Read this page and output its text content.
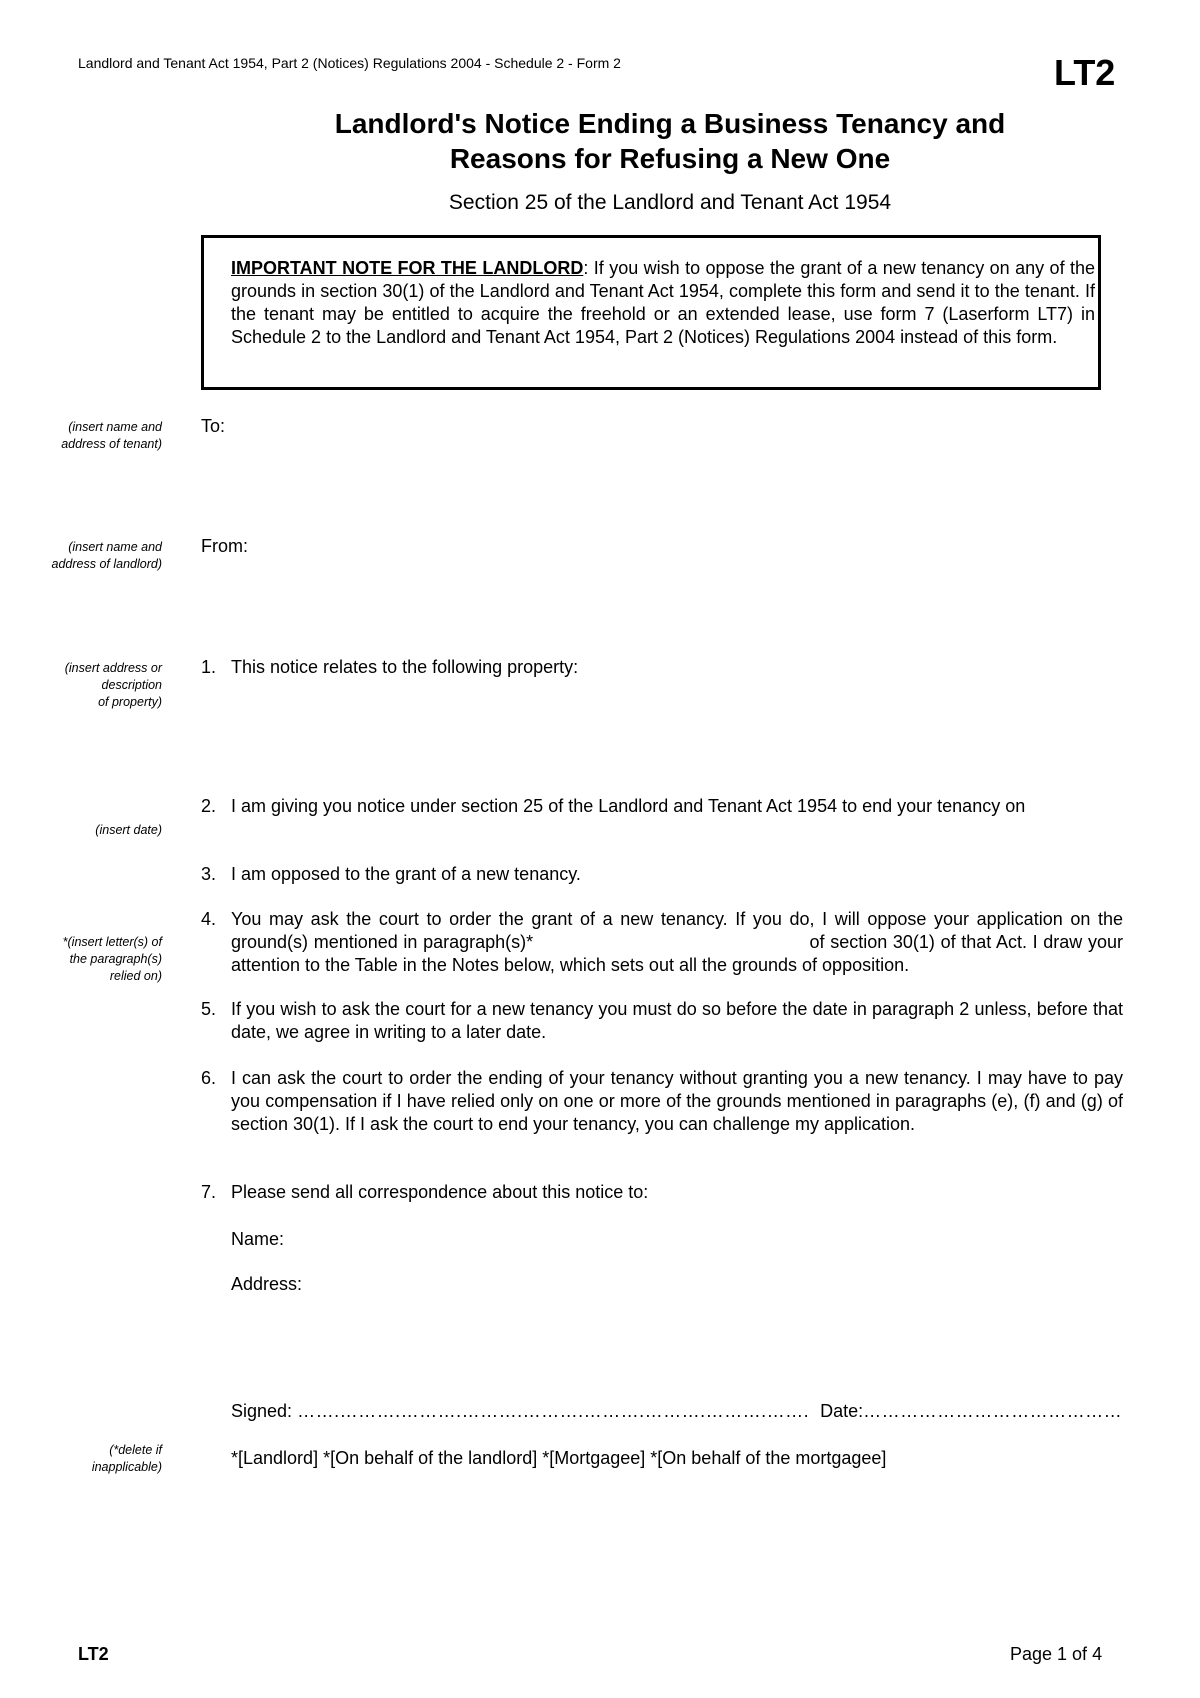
Landlord and Tenant Act 1954, Part 2 (Notices) Regulations 2004 - Schedule 2 - Form 2	LT2
Landlord's Notice Ending a Business Tenancy and
Reasons for Refusing a New One
Section 25 of the Landlord and Tenant Act 1954
IMPORTANT NOTE FOR THE LANDLORD: If you wish to oppose the grant of a new tenancy on any of the grounds in section 30(1) of the Landlord and Tenant Act 1954, complete this form and send it to the tenant. If the tenant may be entitled to acquire the freehold or an extended lease, use form 7 (Laserform LT7) in Schedule 2 to the Landlord and Tenant Act 1954, Part 2 (Notices) Regulations 2004 instead of this form.
(insert name and
address of tenant)
To:
(insert name and
address of landlord)
From:
(insert address or
description
of property)
1. This notice relates to the following property:
(insert date)
2. I am giving you notice under section 25 of the Landlord and Tenant Act 1954 to end your tenancy on
3. I am opposed to the grant of a new tenancy.
*(insert letter(s) of
the paragraph(s)
relied on)
4. You may ask the court to order the grant of a new tenancy. If you do, I will oppose your application on the ground(s) mentioned in paragraph(s)*	of section 30(1) of that Act. I draw your attention to the Table in the Notes below, which sets out all the grounds of opposition.
5. If you wish to ask the court for a new tenancy you must do so before the date in paragraph 2 unless, before that date, we agree in writing to a later date.
6. I can ask the court to order the ending of your tenancy without granting you a new tenancy. I may have to pay you compensation if I have relied only on one or more of the grounds mentioned in paragraphs (e), (f) and (g) of section 30(1). If I ask the court to end your tenancy, you can challenge my application.
7. Please send all correspondence about this notice to:
Name:
Address:
Signed: …….……….……….……….……….……….……….……….……. Date:……………………………………
(*delete if
inapplicable)	*[Landlord] *[On behalf of the landlord] *[Mortgagee] *[On behalf of the mortgagee]
LT2	Page 1 of 4
